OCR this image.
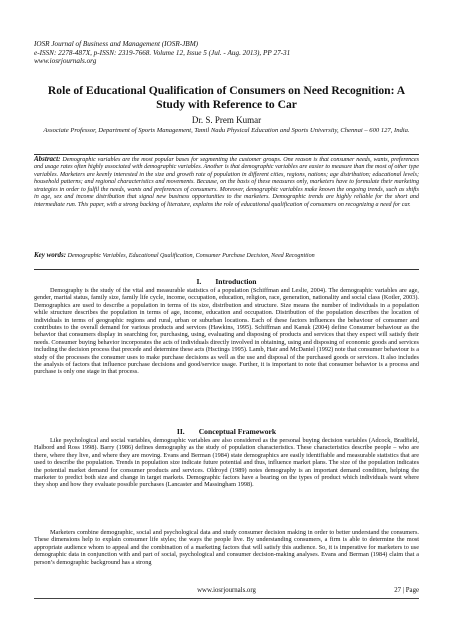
IOSR Journal of Business and Management (IOSR-JBM)
e-ISSN: 2278-487X, p-ISSN: 2319-7668. Volume 12, Issue 5 (Jul. - Aug. 2013), PP 27-31
www.iosrjournals.org
Role of Educational Qualification of Consumers on Need Recognition: A Study with Reference to Car
Dr. S. Prem Kumar
Associate Professor, Department of Sports Management, Tamil Nadu Physical Education and Sports University, Chennai – 600 127, India.
Abstract: Demographic variables are the most popular bases for segmenting the customer groups. One reason is that consumer needs, wants, preferences and usage rates often highly associated with demographic variables. Another is that demographic variables are easier to measure than the most of other type variables. Marketers are keenly interested in the size and growth rate of population in different cities, regions, nations; age distribution; educational levels; household patterns; and regional characteristics and movements. Because, on the basis of these measures only, marketers have to formulate their marketing strategies in order to fulfil the needs, wants and preferences of consumers. Moreover, demographic variables make known the ongoing trends, such as shifts in age, sex and income distribution that signal new business opportunities to the marketers. Demographic trends are highly reliable for the short and intermediate run. This paper, with a strong backing of literature, explains the role of educational qualification of consumers on recognizing a need for car.
Key words: Demographic Variables, Educational Qualification, Consumer Purchase Decision, Need Recognition
I. Introduction
Demography is the study of the vital and measurable statistics of a population (Schiffman and Leslie, 2004). The demographic variables are age, gender, marital status, family size, family life cycle, income, occupation, education, religion, race, generation, nationality and social class (Kotler, 2003). Demographics are used to describe a population in terms of its size, distribution and structure. Size means the number of individuals in a population while structure describes the population in terms of age, income, education and occupation. Distribution of the population describes the location of individuals in terms of geographic regions and rural, urban or suburban locations. Each of these factors influences the behaviour of consumer and contributes to the overall demand for various products and services (Hawkins, 1995). Schiffman and Kanuk (2004) define Consumer behaviour as the behavior that consumers display in searching for, purchasing, using, evaluating and disposing of products and services that they expect will satisfy their needs. Consumer buying behavior incorporates the acts of individuals directly involved in obtaining, using and disposing of economic goods and services including the decision process that precede and determine these acts (Hsctings 1995). Lamb, Hair and McDaniel (1992) note that consumer behaviour is a study of the processes the consumer uses to make purchase decisions as well as the use and disposal of the purchased goods or services. It also includes the analysis of factors that influence purchase decisions and good/service usage. Further, it is important to note that consumer behavior is a process and purchase is only one stage in that process.
II. Conceptual Framework
Like psychological and social variables, demographic variables are also considered as the personal buying decision variables (Adcock, Bradfield, Halbord and Ross 1998). Barry (1986) defines demography as the study of population characteristics. These characteristics describe people – who are there, where they live, and where they are moving. Evans and Berman (1984) state demographics are easily identifiable and measurable statistics that are used to describe the population. Trends in population size indicate future potential and thus, influence market plans. The size of the population indicates the potential market demand for consumer products and services. Oldroyd (1989) notes demography is an important demand condition, helping the marketer to predict both size and change in target markets. Demographic factors have a bearing on the types of product which individuals want where they shop and how they evaluate possible purchases (Lancaster and Massingham 1998).
Marketers combine demographic, social and psychological data and study consumer decision making in order to better understand the consumers. These dimensions help to explain consumer life styles; the ways the people live. By understanding consumers, a firm is able to determine the most appropriate audience whom to appeal and the combination of a marketing factors that will satisfy this audience. So, it is imperative for marketers to use demographic data in conjunction with and part of social, psychological and consumer decision-making analyses. Evans and Berman (1984) claim that a person’s demographic background has a strong
www.iosrjournals.org	27 | Page
